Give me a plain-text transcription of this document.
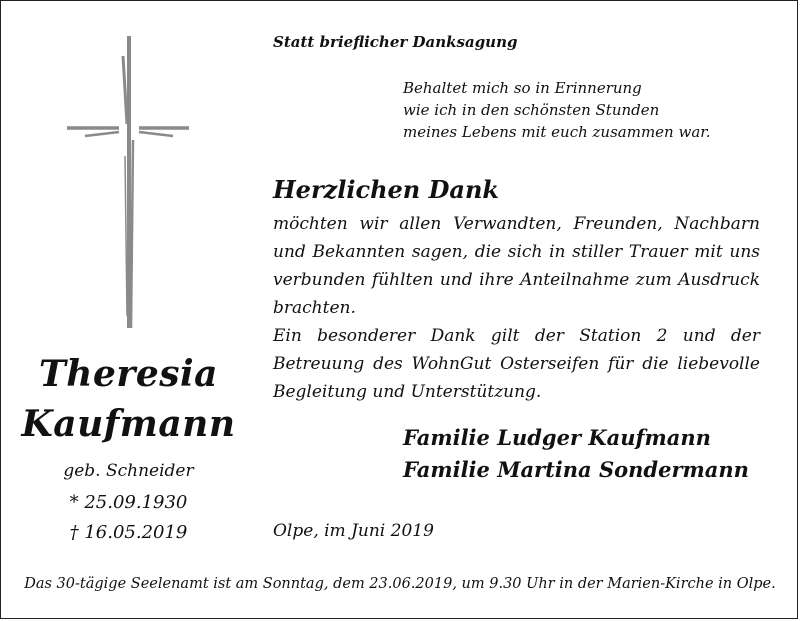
Theresia
Kaufmann
geb. Schneider
* 25.09.1930
† 16.05.2019
Statt brieflicher Danksagung
Behaltet mich so in Erinnerung
wie ich in den schönsten Stunden
meines Lebens mit euch zusammen war.
Herzlichen Dank

möchten wir allen Verwandten, Freunden, Nachbarn und Bekannten sagen, die sich in stiller Trauer mit uns verbunden fühlten und ihre Anteilnahme zum Ausdruck brachten.

Ein besonderer Dank gilt der Station 2 und der Betreuung des WohnGut Osterseifen für die liebevolle Begleitung und Unterstützung.

Familie Ludger Kaufmann
Familie Martina Sondermann
Olpe, im Juni 2019
Das 30-tägige Seelenamt ist am Sonntag, dem 23.06.2019, um 9.30 Uhr in der Marien-Kirche in Olpe.
